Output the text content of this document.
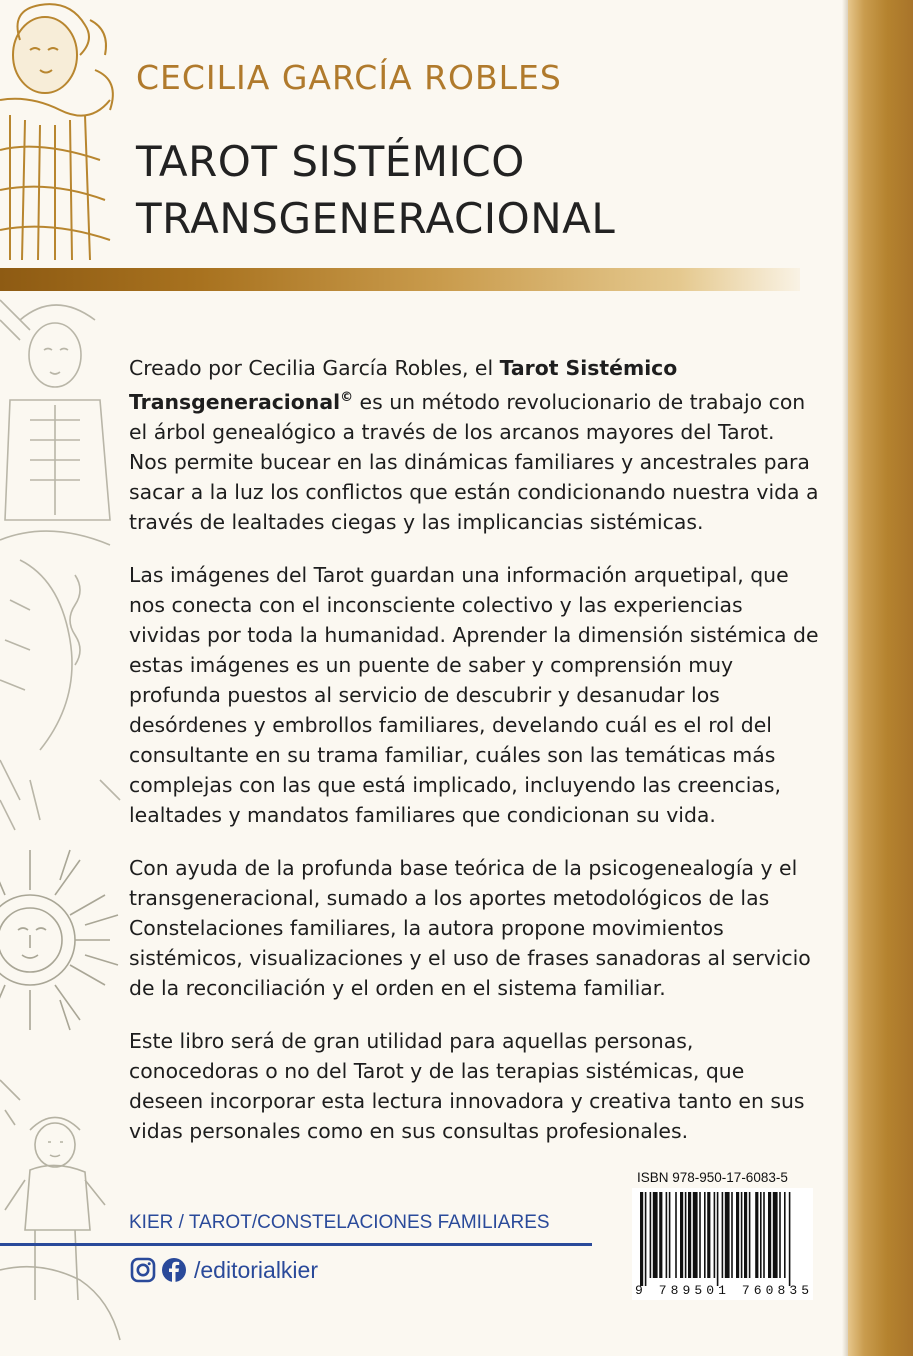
CECILIA GARCÍA ROBLES
TAROT SISTÉMICO
TRANSGENERACIONAL

Creado por Cecilia García Robles, el Tarot Sistémico
Transgeneracional© es un método revolucionario de trabajo con el árbol genealógico a través de los arcanos mayores del Tarot. Nos permite bucear en las dinámicas familiares y ancestrales para sacar a la luz los conflictos que están condicionando nuestra vida a través de lealtades ciegas y las implicancias sistémicas.

Las imágenes del Tarot guardan una información arquetipal, que nos conecta con el inconsciente colectivo y las experiencias vividas por toda la humanidad. Aprender la dimensión sistémica de estas imágenes es un puente de saber y comprensión muy profunda puestos al servicio de descubrir y desanudar los desórdenes y embrollos familiares, develando cuál es el rol del consultante en su trama familiar, cuáles son las temáticas más complejas con las que está implicado, incluyendo las creencias, lealtades y mandatos familiares que condicionan su vida.

Con ayuda de la profunda base teórica de la psicogenealogía y el transgeneracional, sumado a los aportes metodológicos de las Constelaciones familiares, la autora propone movimientos sistémicos, visualizaciones y el uso de frases sanadoras al servicio de la reconciliación y el orden en el sistema familiar.

Este libro será de gran utilidad para aquellas personas, conocedoras o no del Tarot y de las terapias sistémicas, que deseen incorporar esta lectura innovadora y creativa tanto en sus vidas personales como en sus consultas profesionales.

KIER / TAROT/CONSTELACIONES FAMILIARES
/editorialkier
ISBN 978-950-17-6083-5
9 789501 760835
